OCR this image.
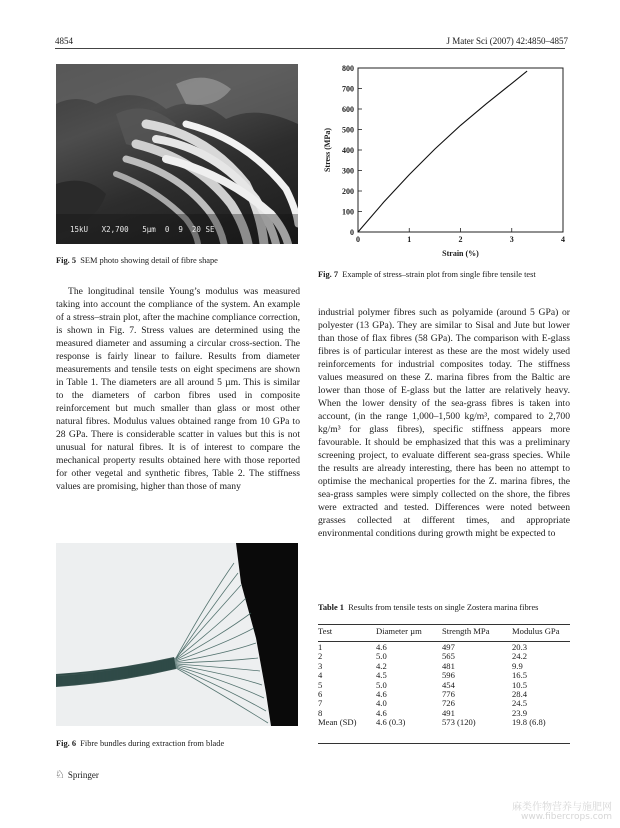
4854	J Mater Sci (2007) 42:4850–4857
15kU   X2,700   5µm  0  9  20 SE
Fig. 5 SEM photo showing detail of fibre shape

The longitudinal tensile Young’s modulus was measured taking into account the compliance of the system. An example of a stress–strain plot, after the machine compliance correction, is shown in Fig. 7. Stress values are determined using the measured diameter and assuming a circular cross-section. The response is fairly linear to failure. Results from diameter measurements and tensile tests on eight specimens are shown in Table 1. The diameters are all around 5 µm. This is similar to the diameters of carbon fibres used in composite reinforcement but much smaller than glass or most other natural fibres. Modulus values obtained range from 10 GPa to 28 GPa. There is considerable scatter in values but this is not unusual for natural fibres. It is of interest to compare the mechanical property results obtained here with those reported for other vegetal and synthetic fibres, Table 2. The stiffness values are promising, higher than those of many

Fig. 6 Fibre bundles during extraction from blade
0	1	2	3	4
0
100
200
300
400
500
600
700
800
Strain (%)
Stress (MPa)
Fig. 7 Example of stress–strain plot from single fibre tensile test

industrial polymer fibres such as polyamide (around 5 GPa) or polyester (13 GPa). They are similar to Sisal and Jute but lower than those of flax fibres (58 GPa). The comparison with E-glass fibres is of particular interest as these are the most widely used reinforcements for industrial composites today. The stiffness values measured on these Z. marina fibres from the Baltic are lower than those of E-glass but the latter are relatively heavy. When the lower density of the sea-grass fibres is taken into account, (in the range 1,000–1,500 kg/m³, compared to 2,700 kg/m³ for glass fibres), specific stiffness appears more favourable. It should be emphasized that this was a preliminary screening project, to evaluate different sea-grass species. While the results are already interesting, there has been no attempt to optimise the mechanical properties for the Z. marina fibres, the sea-grass samples were simply collected on the shore, the fibres were extracted and tested. Differences were noted between grasses collected at different times, and appropriate environmental conditions during growth might be expected to

Table 1 Results from tensile tests on single Zostera marina fibres
Test	Diameter µm	Strength MPa	Modulus GPa
1	4.6	497	20.3
2	5.0	565	24.2
3	4.2	481	9.9
4	4.5	596	16.5
5	5.0	454	10.5
6	4.6	776	28.4
7	4.0	726	24.5
8	4.6	491	23.9
Mean (SD)	4.6 (0.3)	573 (120)	19.8 (6.8)
♘ Springer
麻类作物营养与施肥网
www.fibercrops.com
